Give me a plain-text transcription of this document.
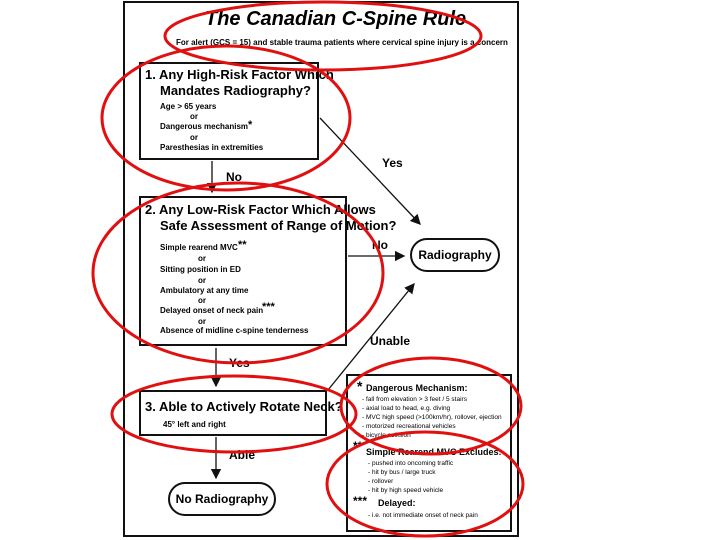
The Canadian C-Spine Rule
For alert (GCS = 15) and stable trauma patients where cervical spine injury is a concern
1. Any High-Risk Factor Which
Mandates Radiography?
Age > 65 years
or
Dangerous mechanism *
or
Paresthesias in extremities
2. Any Low-Risk Factor Which Allows
Safe Assessment of Range of Motion?
Simple rearend MVC **
or
Sitting position in ED
or
Ambulatory at any time
or
Delayed onset of neck pain
***
or
Absence of midline c-spine tenderness
3. Able to Actively Rotate Neck?
45° left and right
Radiography
No Radiography
No
Yes
No
Yes
Unable
Able
* Dangerous Mechanism:
- fall from elevation > 3 feet / 5 stairs
- axial load to head, e.g. diving
- MVC high speed (>100km/hr), rollover, ejection
- motorized recreational vehicles
- bicycle collision
** Simple Rearend MVC Excludes:
- pushed into oncoming traffic
- hit by bus / large truck
- rollover
- hit by high speed vehicle
*** Delayed:
- i.e. not immediate onset of neck pain
